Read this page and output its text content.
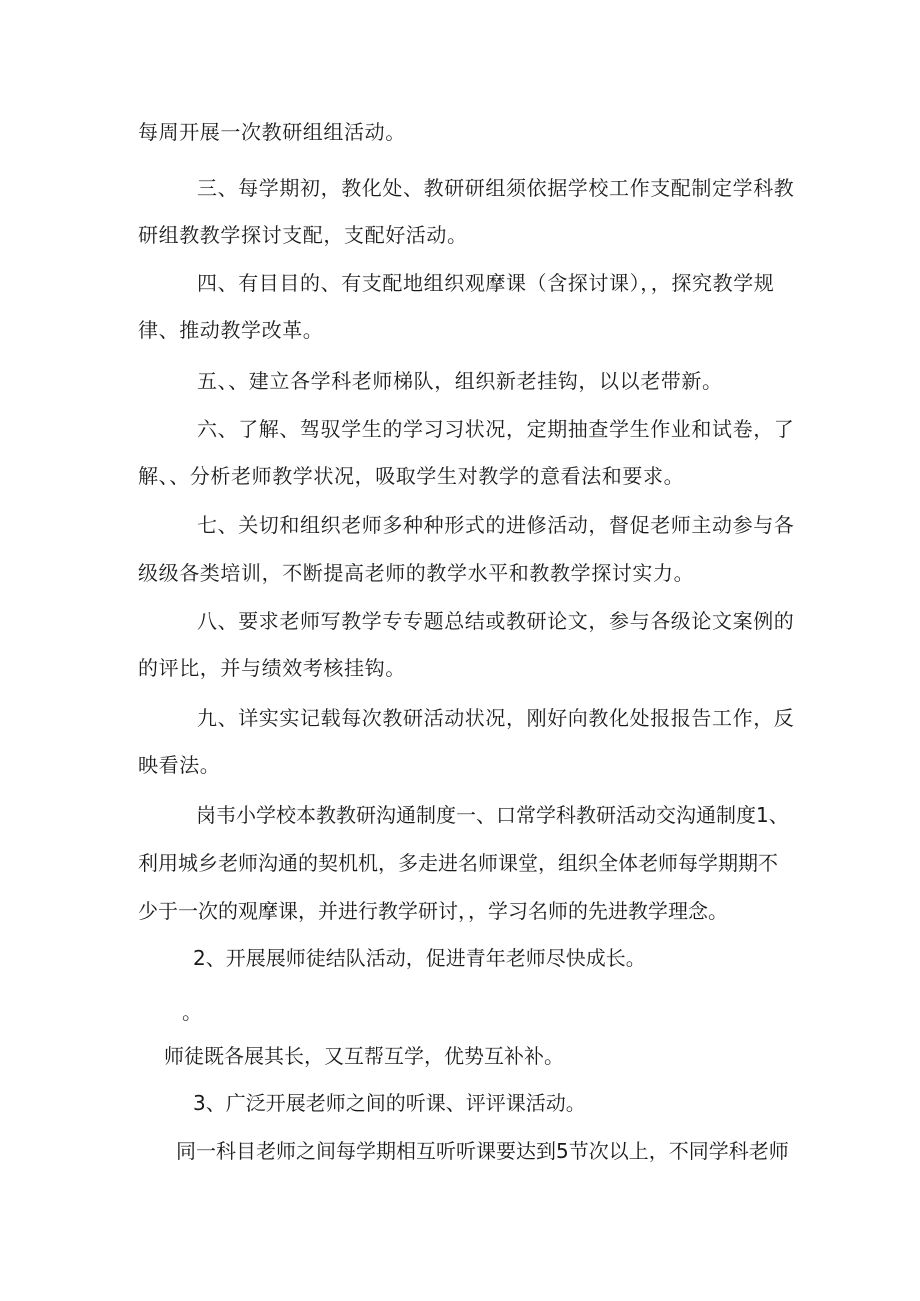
每周开展一次教研组组活动。

三、每学期初，教化处、教研研组须依据学校工作支配制定学科教

研组教教学探讨支配，支配好活动。

四、有目目的、有支配地组织观摩课（含探讨课），，探究教学规

律、推动教学改革。

五、、建立各学科老师梯队，组织新老挂钩，以以老带新。

六、了解、驾驭学生的学习习状况，定期抽查学生作业和试卷，了

解、、分析老师教学状况，吸取学生对教学的意看法和要求。

七、关切和组织老师多种种形式的进修活动，督促老师主动参与各

级级各类培训，不断提高老师的教学水平和教教学探讨实力。

八、要求老师写教学专专题总结或教研论文，参与各级论文案例的

的评比，并与绩效考核挂钩。

九、详实实记载每次教研活动状况，刚好向教化处报报告工作，反

映看法。

岗韦小学校本教教研沟通制度一、口常学科教研活动交沟通制度1、

利用城乡老师沟通的契机机，多走进名师课堂，组织全体老师每学期期不

少于一次的观摩课，并进行教学研讨，，学习名师的先进教学理念。

2、开展展师徒结队活动，促进青年老师尽快成长。

。

师徒既各展其长，又互帮互学，优势互补补。

3、广泛开展老师之间的听课、评评课活动。

同一科目老师之间每学期相互听听课要达到5节次以上，不同学科老师
